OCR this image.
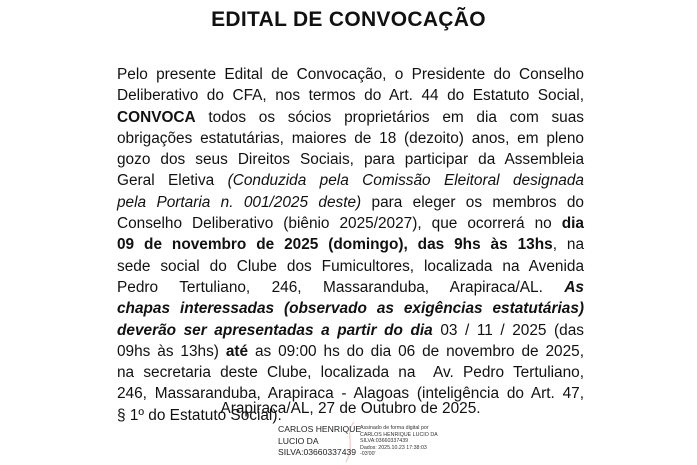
EDITAL DE CONVOCAÇÃO
Pelo presente Edital de Convocação, o Presidente do Conselho
Deliberativo do CFA, nos termos do Art. 44 do Estatuto Social,
CONVOCA todos os sócios proprietários em dia com suas
obrigações estatutárias, maiores de 18 (dezoito) anos, em pleno
gozo dos seus Direitos Sociais, para participar da Assembleia
Geral Eletiva (Conduzida pela Comissão Eleitoral designada
pela Portaria n. 001/2025 deste) para eleger os membros do
Conselho Deliberativo (biênio 2025/2027), que ocorrerá no dia
09 de novembro de 2025 (domingo), das 9hs às 13hs, na
sede social do Clube dos Fumicultores, localizada na Avenida
Pedro Tertuliano, 246, Massaranduba, Arapiraca/AL. As
chapas interessadas (observado as exigências estatutárias)
deverão ser apresentadas a partir do dia 03 / 11 / 2025 (das
09hs às 13hs) até as 09:00 hs do dia 06 de novembro de 2025,
na secretaria deste Clube, localizada na  Av. Pedro Tertuliano,
246, Massaranduba, Arapiraca - Alagoas (inteligência do Art. 47,
§ 1º do Estatuto Social).
Arapiraca/AL, 27 de Outubro de 2025.
CARLOS HENRIQUE
LUCIO DA
SILVA:03660337439
Assinado de forma digital por
CARLOS HENRIQUE LUCIO DA
SILVA:03660337439
Dados: 2025.10.23 17:38:03
-03'00'
